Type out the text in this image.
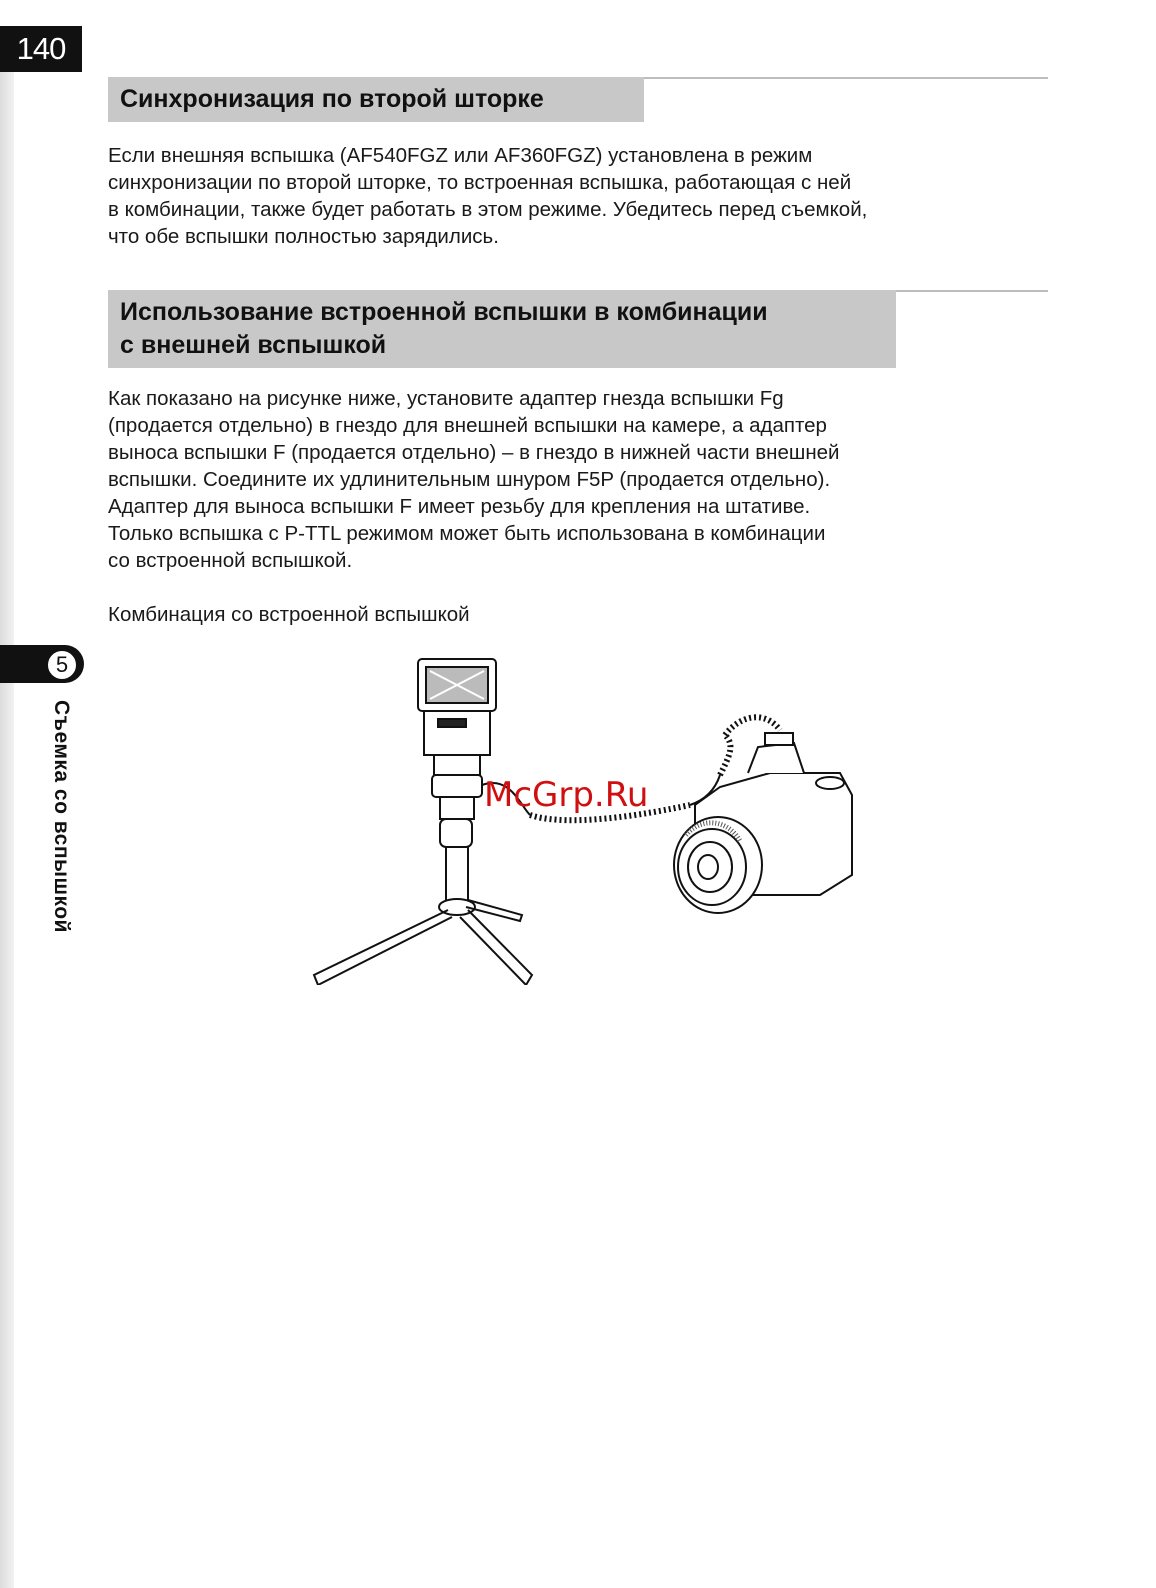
140
5
Съемка со вспышкой
Синхронизация по второй шторке
Если внешняя вспышка (AF540FGZ или AF360FGZ) установлена в режим
синхронизации по второй шторке, то встроенная вспышка, работающая с ней
в комбинации, также будет работать в этом режиме. Убедитесь перед съемкой,
что обе вспышки полностью зарядились.
Использование встроенной вспышки в комбинации
с внешней вспышкой
Как показано на рисунке ниже, установите адаптер гнезда вспышки Fg
(продается отдельно) в гнездо для внешней вспышки на камере, а адаптер
выноса вспышки F (продается отдельно) – в гнездо в нижней части внешней
вспышки. Соедините их удлинительным шнуром F5P (продается отдельно).
Адаптер для выноса вспышки F имеет резьбу для крепления на штативе.
Только вспышка с P-TTL режимом может быть использована в комбинации
со встроенной вспышкой.
Комбинация со встроенной вспышкой
McGrp.Ru
